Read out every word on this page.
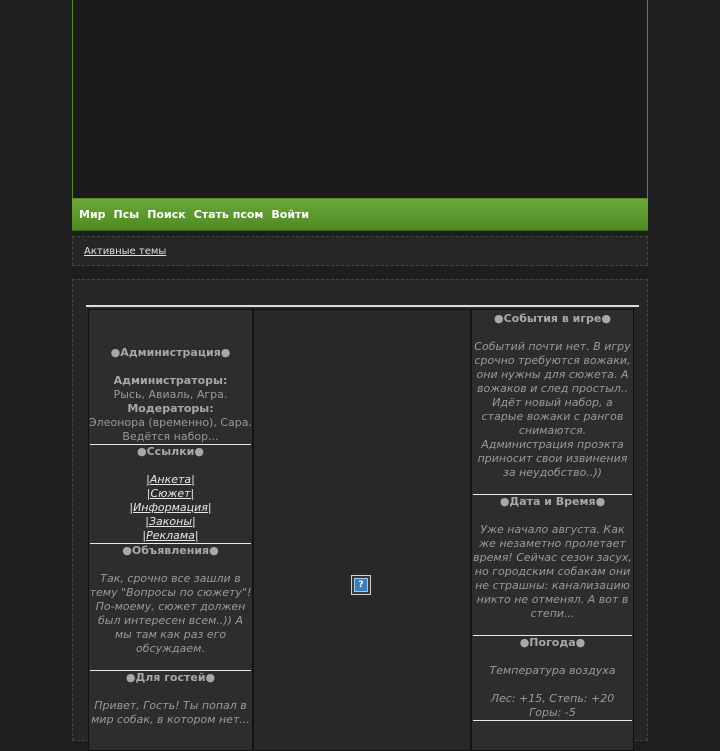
Мир Псы Поиск Стать псом Войти
Активные темы
●Администрация●
Администраторы:
Рысь, Авиаль, Агра.
Модераторы:
Элеонора (временно), Сара. Ведётся набор...
●Ссылки●
|Анкета|
|Сюжет|
|Информация|
|Законы|
|Реклама|
●Объявления●
Так, срочно все зашли в тему "Вопросы по сюжету"! По-моему, сюжет должен был интересен всем..)) А мы там как раз его обсуждаем.
●Для гостей●
Привет, Гость! Ты попал в мир собак, в котором нет...
?
●События в игре●
Событий почти нет. В игру срочно требуются вожаки, они нужны для сюжета. А вожаков и след простыл.. Идёт новый набор, а старые вожаки с рангов снимаются. Администрация проэкта приносит свои извинения за неудобство..))
●Дата и Время●
Уже начало августа. Как же незаметно пролетает время! Сейчас сезон засух, но городским собакам они не страшны: канализацию никто не отменял. А вот в степи...
●Погода●
Температура воздуха
Лес: +15, Степь: +20
Горы: -5
